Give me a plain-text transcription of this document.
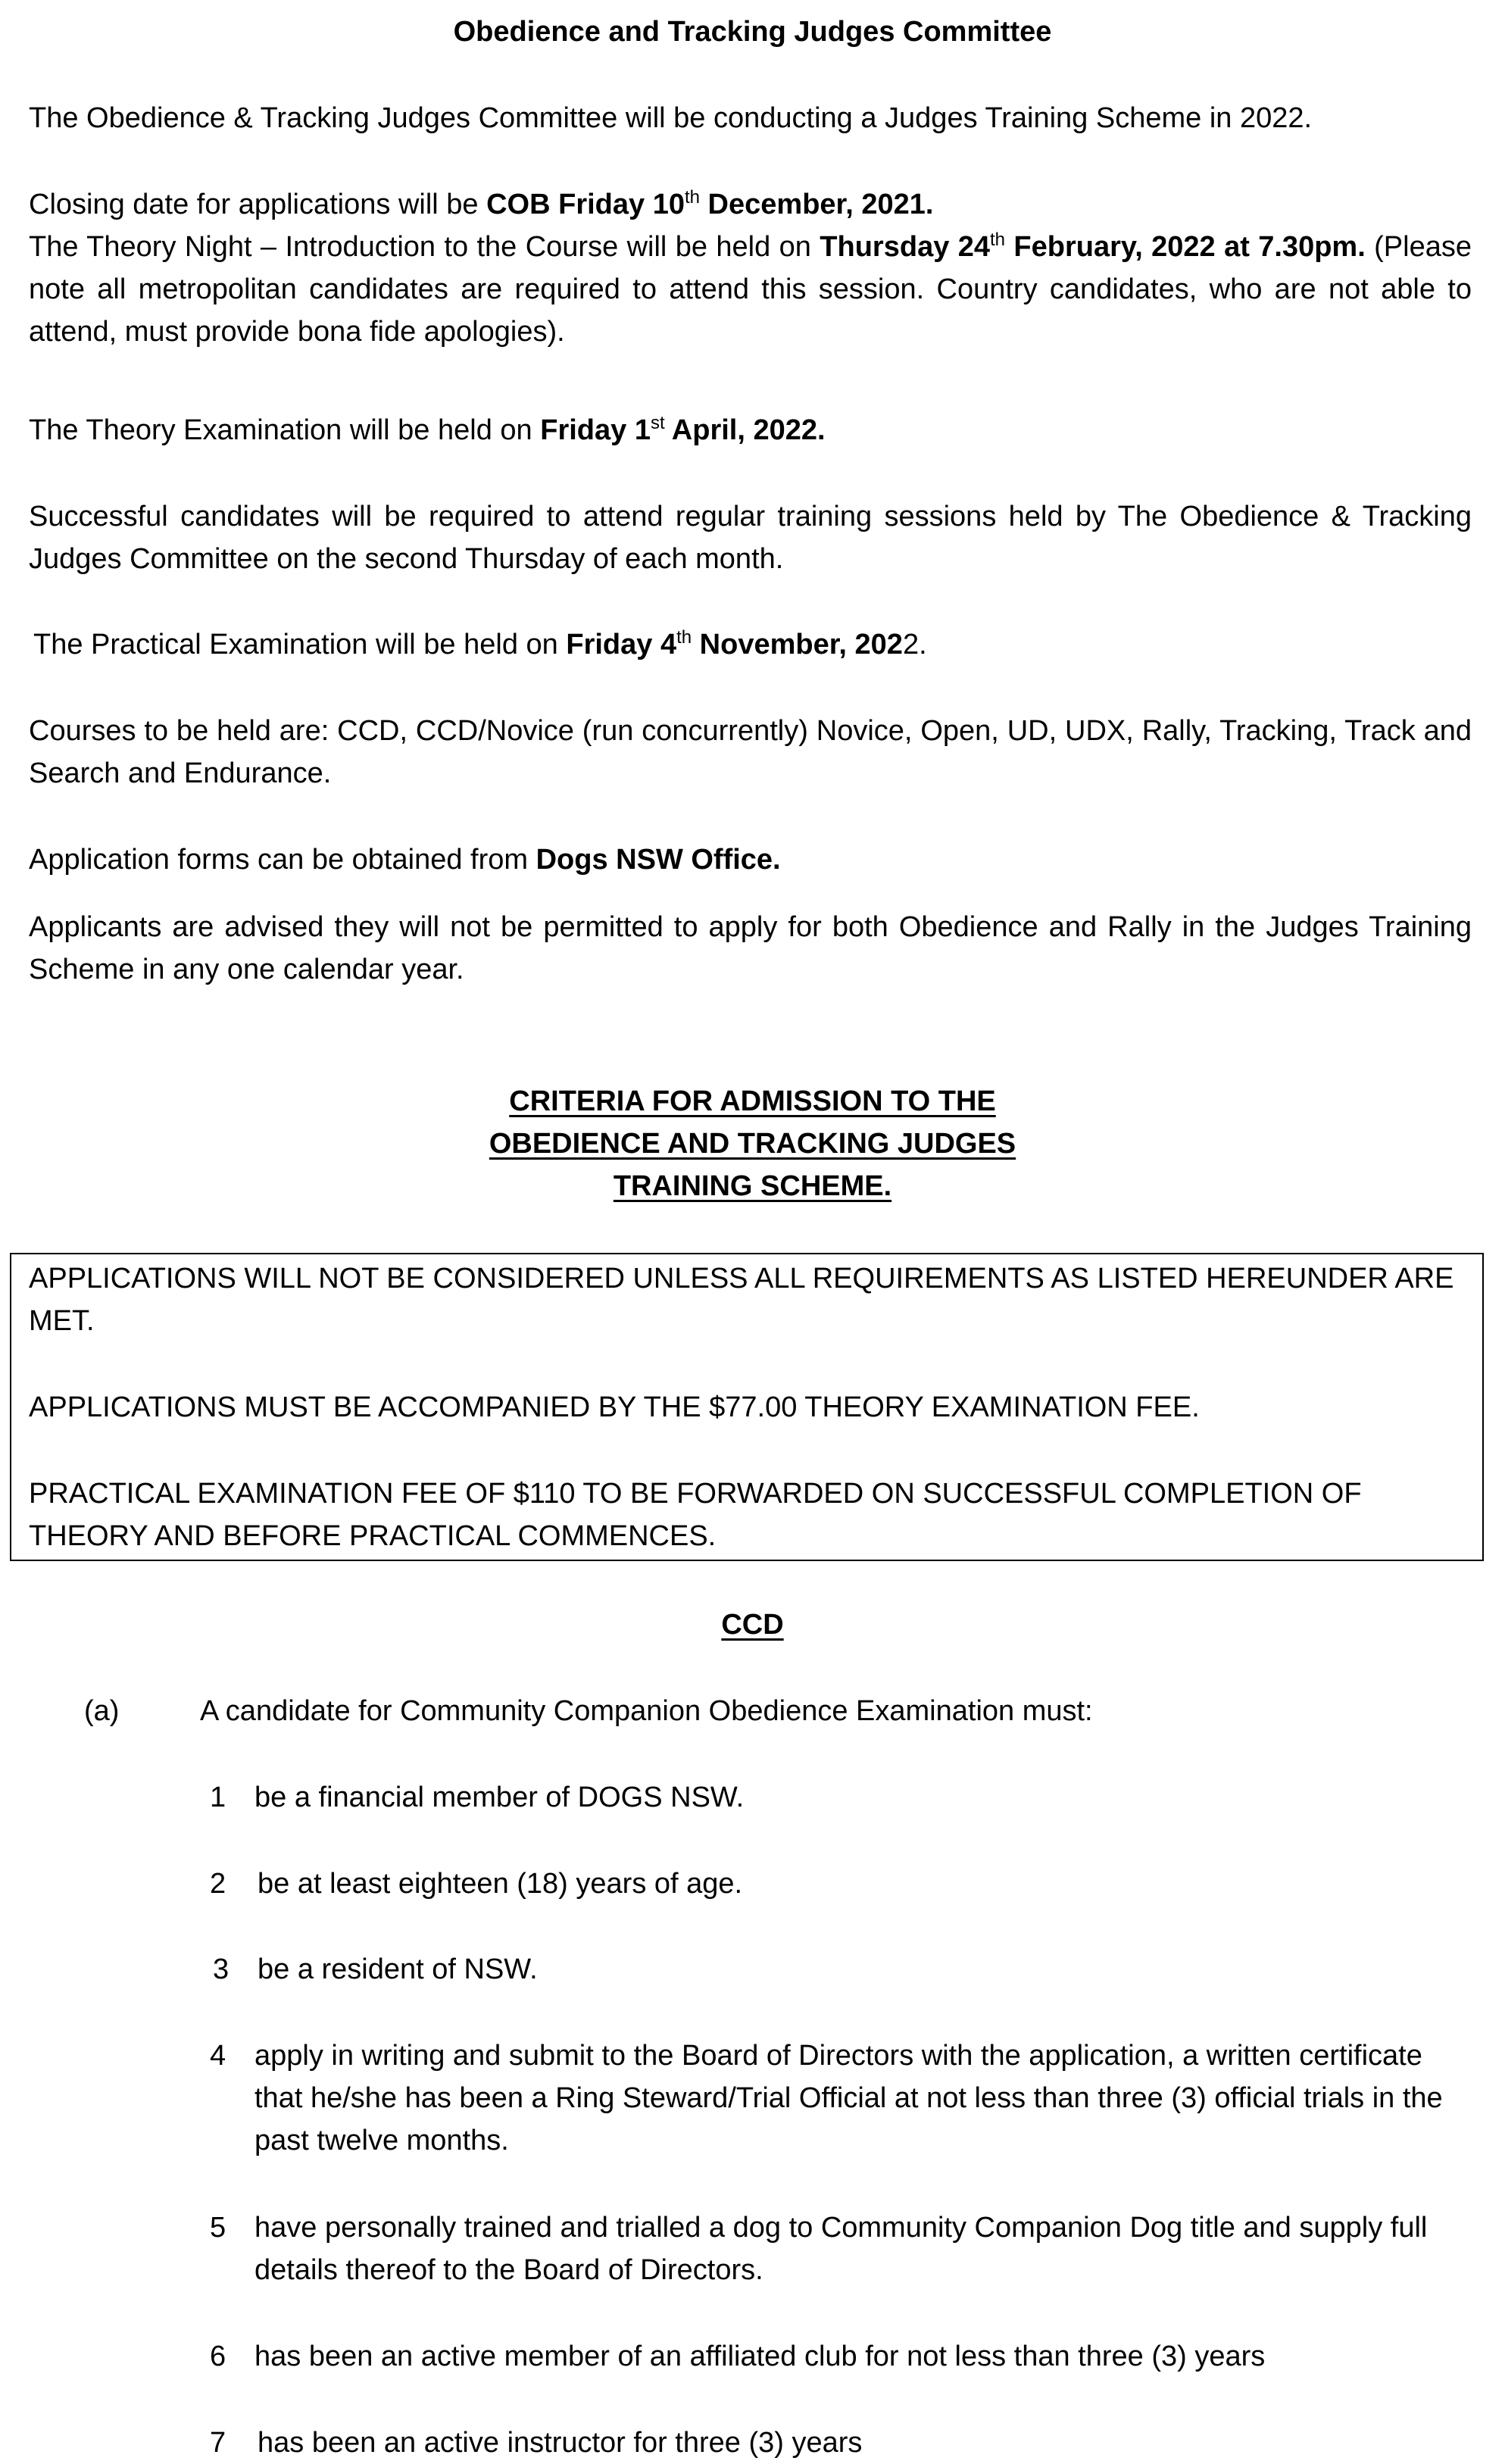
Obedience and Tracking Judges Committee

The Obedience & Tracking Judges Committee will be conducting a Judges Training Scheme in 2022.

Closing date for applications will be COB Friday 10th December, 2021.

The Theory Night – Introduction to the Course will be held on Thursday 24th February, 2022 at 7.30pm. (Please note all metropolitan candidates are required to attend this session. Country candidates, who are not able to attend, must provide bona fide apologies).

The Theory Examination will be held on Friday 1st April, 2022.

Successful candidates will be required to attend regular training sessions held by The Obedience & Tracking Judges Committee on the second Thursday of each month.

The Practical Examination will be held on Friday 4th November, 2022.

Courses to be held are: CCD, CCD/Novice (run concurrently) Novice, Open, UD, UDX, Rally, Tracking, Track and Search and Endurance.

Application forms can be obtained from Dogs NSW Office.

Applicants are advised they will not be permitted to apply for both Obedience and Rally in the Judges Training Scheme in any one calendar year.

CRITERIA FOR ADMISSION TO THE

OBEDIENCE AND TRACKING JUDGES

TRAINING SCHEME.

APPLICATIONS WILL NOT BE CONSIDERED UNLESS ALL REQUIREMENTS AS LISTED HEREUNDER ARE MET.

APPLICATIONS MUST BE ACCOMPANIED BY THE $77.00 THEORY EXAMINATION FEE.

PRACTICAL EXAMINATION FEE OF $110 TO BE FORWARDED ON SUCCESSFUL COMPLETION OF THEORY AND BEFORE PRACTICAL COMMENCES.

CCD

(a)	A candidate for Community Companion Obedience Examination must:

1 be a financial member of DOGS NSW.

2 be at least eighteen (18) years of age.

3 be a resident of NSW.

4 apply in writing and submit to the Board of Directors with the application, a written certificate that he/she has been a Ring Steward/Trial Official at not less than three (3) official trials in the past twelve months.

5 have personally trained and trialled a dog to Community Companion Dog title and supply full details thereof to the Board of Directors.

6 has been an active member of an affiliated club for not less than three (3) years

7 has been an active instructor for three (3) years
